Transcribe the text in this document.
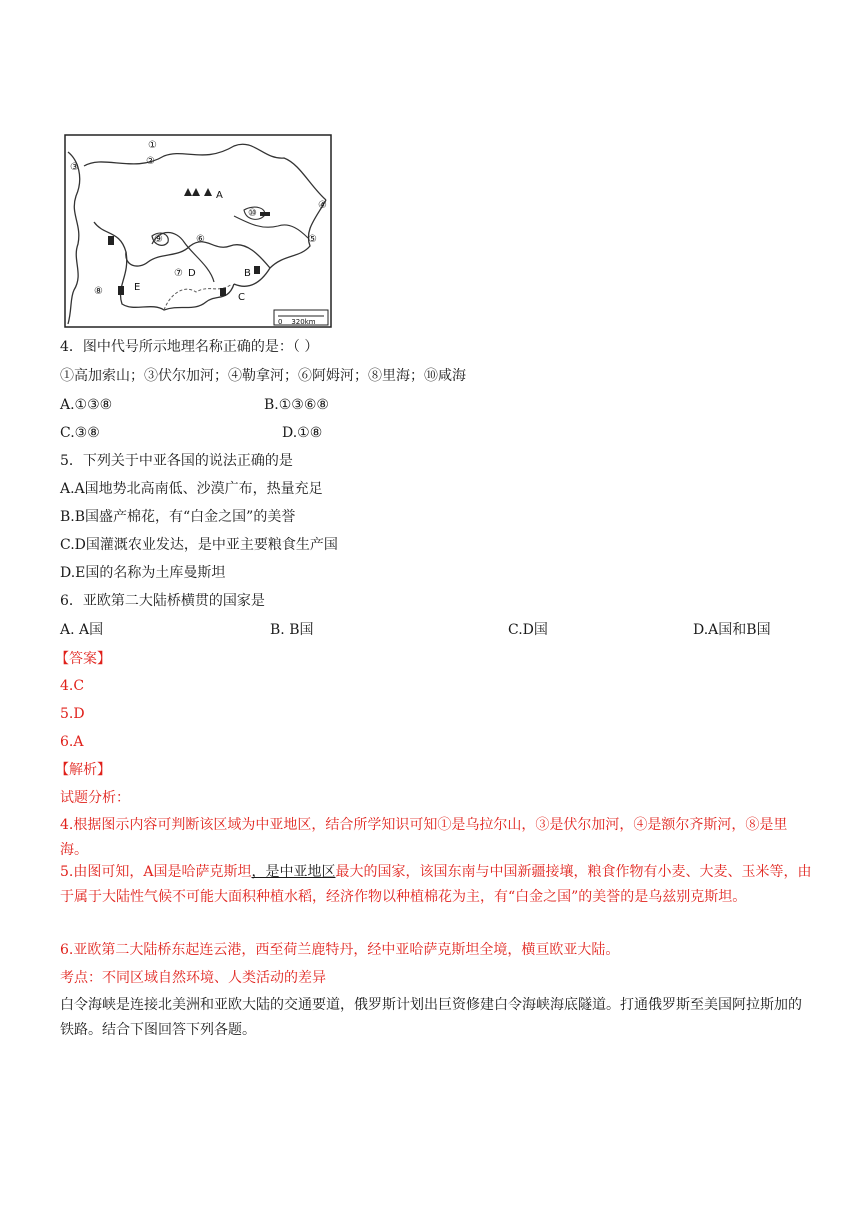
①
②
③
④
⑤
⑥
⑦
⑧
⑨
⑩
A
B
C
D
E
0    320km
4．图中代号所示地理名称正确的是：（ ）
①高加索山；③伏尔加河；④勒拿河；⑥阿姆河；⑧里海；⑩咸海
A.①③⑧	B.①③⑥⑧
C.③⑧	D.①⑧
5．下列关于中亚各国的说法正确的是
A.A国地势北高南低、沙漠广布，热量充足
B.B国盛产棉花，有“白金之国”的美誉
C.D国灌溉农业发达，是中亚主要粮食生产国
D.E国的名称为土库曼斯坦
6．亚欧第二大陆桥横贯的国家是
A. A国	B. B国	C.D国	D.A国和B国
【答案】
4.C
5.D
6.A
【解析】
试题分析：
4.根据图示内容可判断该区域为中亚地区，结合所学知识可知①是乌拉尔山，③是伏尔加河，④是额尔齐斯河，⑧是里海。
5.由图可知，A国是哈萨克斯坦，是中亚地区最大的国家，该国东南与中国新疆接壤，粮食作物有小麦、大麦、玉米等，由于属于大陆性气候不可能大面积种植水稻，经济作物以种植棉花为主，有“白金之国”的美誉的是乌兹别克斯坦。
6.亚欧第二大陆桥东起连云港，西至荷兰鹿特丹，经中亚哈萨克斯坦全境，横亘欧亚大陆。
考点：不同区域自然环境、人类活动的差异
白令海峡是连接北美洲和亚欧大陆的交通要道，俄罗斯计划出巨资修建白令海峡海底隧道。打通俄罗斯至美国阿拉斯加的铁路。结合下图回答下列各题。
